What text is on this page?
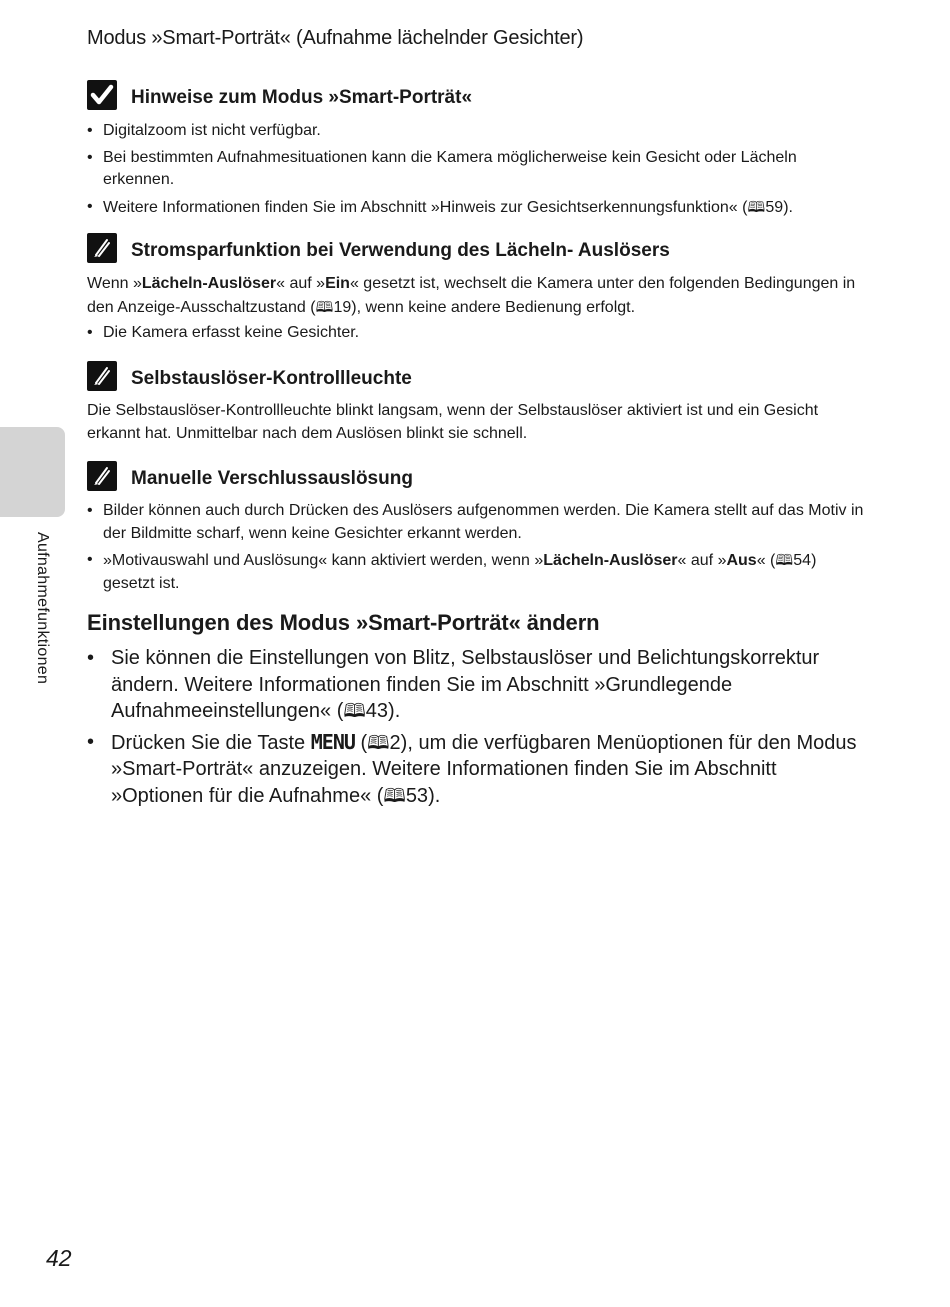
Modus »Smart-Porträt« (Aufnahme lächelnder Gesichter)
Aufnahmefunktionen
Hinweise zum Modus »Smart-Porträt«
• Digitalzoom ist nicht verfügbar.
• Bei bestimmten Aufnahmesituationen kann die Kamera möglicherweise kein Gesicht oder Lächeln erkennen.
• Weitere Informationen finden Sie im Abschnitt »Hinweis zur Gesichtserkennungsfunktion« (🕮59).
Stromsparfunktion bei Verwendung des Lächeln- Auslösers

Wenn »Lächeln-Auslöser« auf »Ein« gesetzt ist, wechselt die Kamera unter den folgenden Bedingungen in den Anzeige-Ausschaltzustand (🕮19), wenn keine andere Bedienung erfolgt.

• Die Kamera erfasst keine Gesichter.
Selbstauslöser-Kontrollleuchte

Die Selbstauslöser-Kontrollleuchte blinkt langsam, wenn der Selbstauslöser aktiviert ist und ein Gesicht erkannt hat. Unmittelbar nach dem Auslösen blinkt sie schnell.

Manuelle Verschlussauslösung
• Bilder können auch durch Drücken des Auslösers aufgenommen werden. Die Kamera stellt auf das Motiv in der Bildmitte scharf, wenn keine Gesichter erkannt werden.
• »Motivauswahl und Auslösung« kann aktiviert werden, wenn »Lächeln-Auslöser« auf »Aus« (🕮54) gesetzt ist.
Einstellungen des Modus »Smart-Porträt« ändern
• Sie können die Einstellungen von Blitz, Selbstauslöser und Belichtungskorrektur ändern. Weitere Informationen finden Sie im Abschnitt »Grundlegende Aufnahmeeinstellungen« (🕮43).
• Drücken Sie die Taste MENU (🕮2), um die verfügbaren Menüoptionen für den Modus »Smart-Porträt« anzuzeigen. Weitere Informationen finden Sie im Abschnitt »Optionen für die Aufnahme« (🕮53).
42
